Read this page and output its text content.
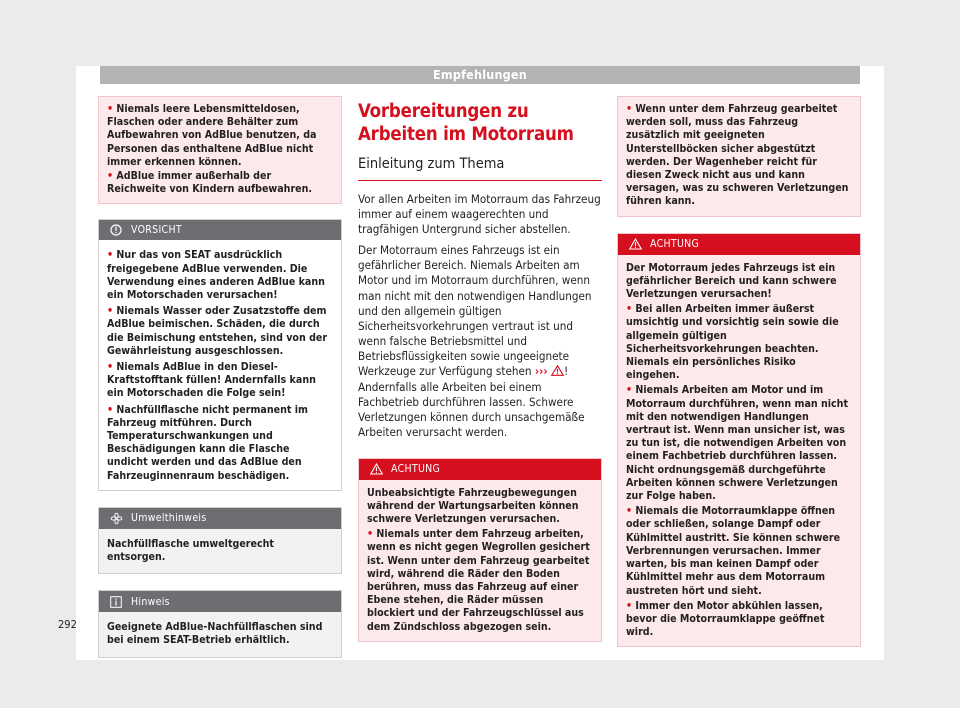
Empfehlungen
• Niemals leere Lebensmitteldosen, Flaschen oder andere Behälter zum Aufbewahren von AdBlue benutzen, da Personen das enthaltene AdBlue nicht immer erkennen können.
• AdBlue immer außerhalb der Reichweite von Kindern aufbewahren.
VORSICHT
• Nur das von SEAT ausdrücklich freigegebene AdBlue verwenden. Die Verwendung eines anderen AdBlue kann ein Motorschaden verursachen!
• Niemals Wasser oder Zusatzstoffe dem AdBlue beimischen. Schäden, die durch die Beimischung entstehen, sind von der Gewährleistung ausgeschlossen.
• Niemals AdBlue in den Diesel-Kraftstofftank füllen! Andernfalls kann ein Motorschaden die Folge sein!
• Nachfüllflasche nicht permanent im Fahrzeug mitführen. Durch Temperaturschwankungen und Beschädigungen kann die Flasche undicht werden und das AdBlue den Fahrzeuginnenraum beschädigen.
Umwelthinweis
Nachfüllflasche umweltgerecht entsorgen.
Hinweis
Geeignete AdBlue-Nachfüllflaschen sind bei einem SEAT-Betrieb erhältlich.
Vorbereitungen zu Arbeiten im Motorraum
Einleitung zum Thema

Vor allen Arbeiten im Motorraum das Fahrzeug immer auf einem waagerechten und tragfähigen Untergrund sicher abstellen.

Der Motorraum eines Fahrzeugs ist ein gefährlicher Bereich. Niemals Arbeiten am Motor und im Motorraum durchführen, wenn man nicht mit den notwendigen Handlungen und den allgemein gültigen Sicherheitsvorkehrungen vertraut ist und wenn falsche Betriebsmittel und Betriebsflüssigkeiten sowie ungeeignete Werkzeuge zur Verfügung stehen ››› ! Andernfalls alle Arbeiten bei einem Fachbetrieb durchführen lassen. Schwere Verletzungen können durch unsachgemäße Arbeiten verursacht werden.

ACHTUNG
Unbeabsichtigte Fahrzeugbewegungen während der Wartungsarbeiten können schwere Verletzungen verursachen.
• Niemals unter dem Fahrzeug arbeiten, wenn es nicht gegen Wegrollen gesichert ist. Wenn unter dem Fahrzeug gearbeitet wird, während die Räder den Boden berühren, muss das Fahrzeug auf einer Ebene stehen, die Räder müssen blockiert und der Fahrzeugschlüssel aus dem Zündschloss abgezogen sein.
• Wenn unter dem Fahrzeug gearbeitet werden soll, muss das Fahrzeug zusätzlich mit geeigneten Unterstellböcken sicher abgestützt werden. Der Wagenheber reicht für diesen Zweck nicht aus und kann versagen, was zu schweren Verletzungen führen kann.
ACHTUNG
Der Motorraum jedes Fahrzeugs ist ein gefährlicher Bereich und kann schwere Verletzungen verursachen!
• Bei allen Arbeiten immer äußerst umsichtig und vorsichtig sein sowie die allgemein gültigen Sicherheitsvorkehrungen beachten. Niemals ein persönliches Risiko eingehen.
• Niemals Arbeiten am Motor und im Motorraum durchführen, wenn man nicht mit den notwendigen Handlungen vertraut ist. Wenn man unsicher ist, was zu tun ist, die notwendigen Arbeiten von einem Fachbetrieb durchführen lassen. Nicht ordnungsgemäß durchgeführte Arbeiten können schwere Verletzungen zur Folge haben.
• Niemals die Motorraumklappe öffnen oder schließen, solange Dampf oder Kühlmittel austritt. Sie können schwere Verbrennungen verursachen. Immer warten, bis man keinen Dampf oder Kühlmittel mehr aus dem Motorraum austreten hört und sieht.
• Immer den Motor abkühlen lassen, bevor die Motorraumklappe geöffnet wird.
292
